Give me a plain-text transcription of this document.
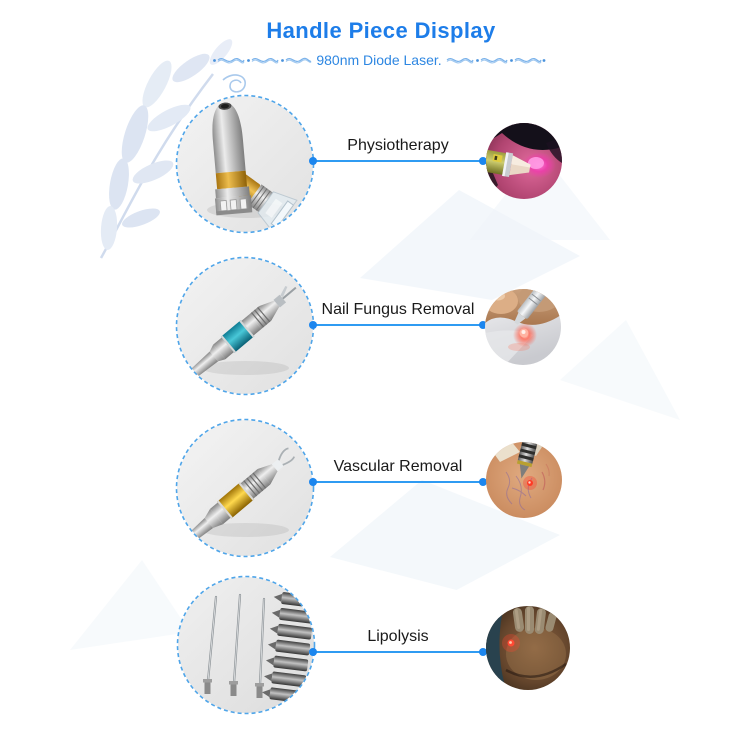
Handle Piece Display
980nm Diode Laser.
Physiotherapy
Nail Fungus Removal
Vascular Removal
Lipolysis
